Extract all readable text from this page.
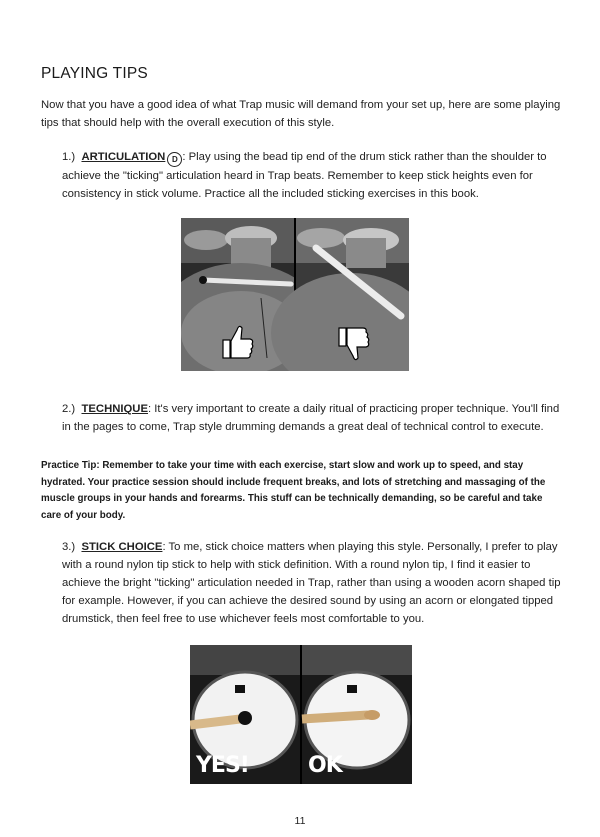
PLAYING TIPS
Now that you have a good idea of what Trap music will demand from your set up, here are some playing tips that should help with the overall execution of this style.
1.) ARTICULATION D : Play using the bead tip end of the drum stick rather than the shoulder to achieve the "ticking" articulation heard in Trap beats. Remember to keep stick heights even for consistency in stick volume. Practice all the included sticking exercises in this book.
2.) TECHNIQUE: It's very important to create a daily ritual of practicing proper technique. You'll find in the pages to come, Trap style drumming demands a great deal of technical control to execute.
Practice Tip: Remember to take your time with each exercise, start slow and work up to speed, and stay hydrated. Your practice session should include frequent breaks, and lots of stretching and massaging of the muscle groups in your hands and forearms. This stuff can be technically demanding, so be careful and take care of your body.
3.) STICK CHOICE: To me, stick choice matters when playing this style. Personally, I prefer to play with a round nylon tip stick to help with stick definition. With a round nylon tip, I find it easier to achieve the bright "ticking" articulation needed in Trap, rather than using a wooden acorn shaped tip for example. However, if you can achieve the desired sound by using an acorn or elongated tipped drumstick, then feel free to use whichever feels most comfortable to you.
YES!	OK
11
